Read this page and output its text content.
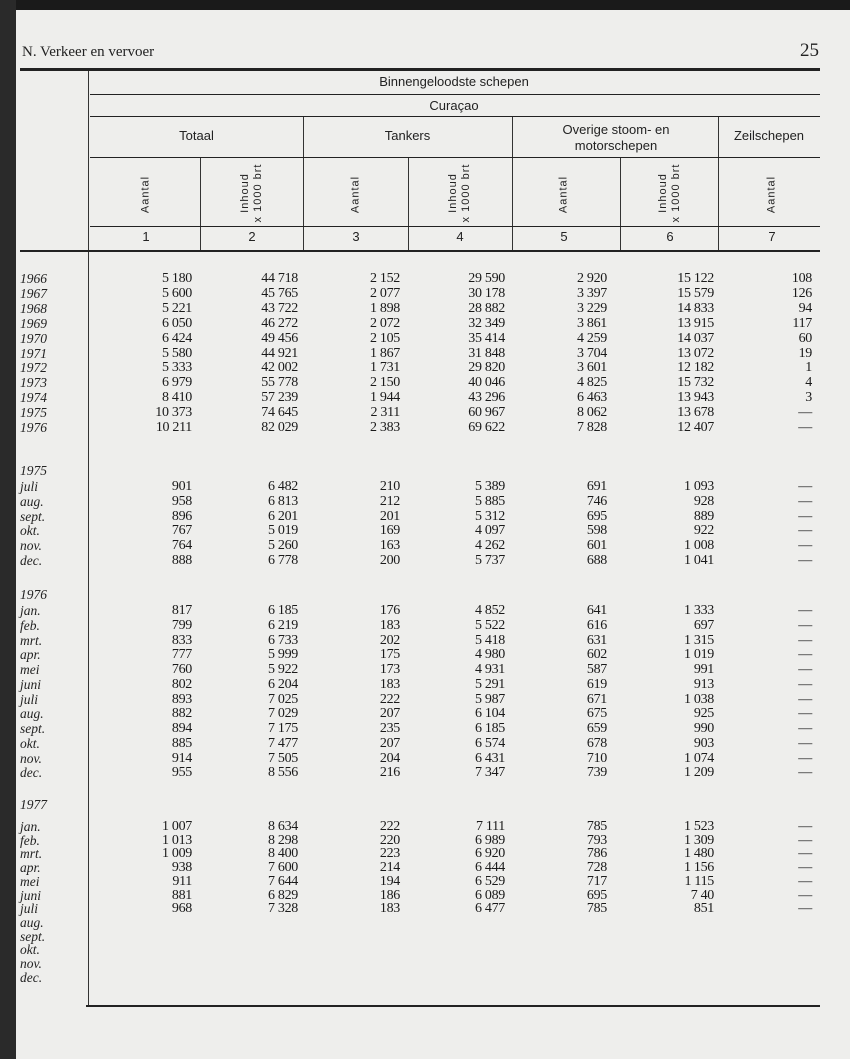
N. Verkeer en vervoer	25
Binnengeloodste schepen
Curaçao
Totaal	Tankers	Overige stoom- en motorschepen
Zeilschepen
Aantal	Inhoud x 1000 brt	Aantal	Inhoud x 1000 brt	Aantal	Inhoud x 1000 brt	Aantal
1	2	3	4	5	6	7
1966	5 180	44 718	2 152	29 590	2 920	15 122	108
1967	5 600	45 765	2 077	30 178	3 397	15 579	126
1968	5 221	43 722	1 898	28 882	3 229	14 833	94
1969	6 050	46 272	2 072	32 349	3 861	13 915	117
1970	6 424	49 456	2 105	35 414	4 259	14 037	60
1971	5 580	44 921	1 867	31 848	3 704	13 072	19
1972	5 333	42 002	1 731	29 820	3 601	12 182	1
1973	6 979	55 778	2 150	40 046	4 825	15 732	4
1974	8 410	57 239	1 944	43 296	6 463	13 943	3
1975	10 373	74 645	2 311	60 967	8 062	13 678	—
1976	10 211	82 029	2 383	69 622	7 828	12 407	—
1975
juli	901	6 482	210	5 389	691	1 093	—
aug.	958	6 813	212	5 885	746	928	—
sept.	896	6 201	201	5 312	695	889	—
okt.	767	5 019	169	4 097	598	922	—
nov.	764	5 260	163	4 262	601	1 008	—
dec.	888	6 778	200	5 737	688	1 041	—
1976
jan.	817	6 185	176	4 852	641	1 333	—
feb.	799	6 219	183	5 522	616	697	—
mrt.	833	6 733	202	5 418	631	1 315	—
apr.	777	5 999	175	4 980	602	1 019	—
mei	760	5 922	173	4 931	587	991	—
juni	802	6 204	183	5 291	619	913	—
juli	893	7 025	222	5 987	671	1 038	—
aug.	882	7 029	207	6 104	675	925	—
sept.	894	7 175	235	6 185	659	990	—
okt.	885	7 477	207	6 574	678	903	—
nov.	914	7 505	204	6 431	710	1 074	—
dec.	955	8 556	216	7 347	739	1 209	—
1977
jan.	1 007	8 634	222	7 111	785	1 523	—
feb.	1 013	8 298	220	6 989	793	1 309	—
mrt.	1 009	8 400	223	6 920	786	1 480	—
apr.	938	7 600	214	6 444	728	1 156	—
mei	911	7 644	194	6 529	717	1 115	—
juni	881	6 829	186	6 089	695	7 40	—
juli	968	7 328	183	6 477	785	851	—
aug.
sept.
okt.
nov.
dec.
